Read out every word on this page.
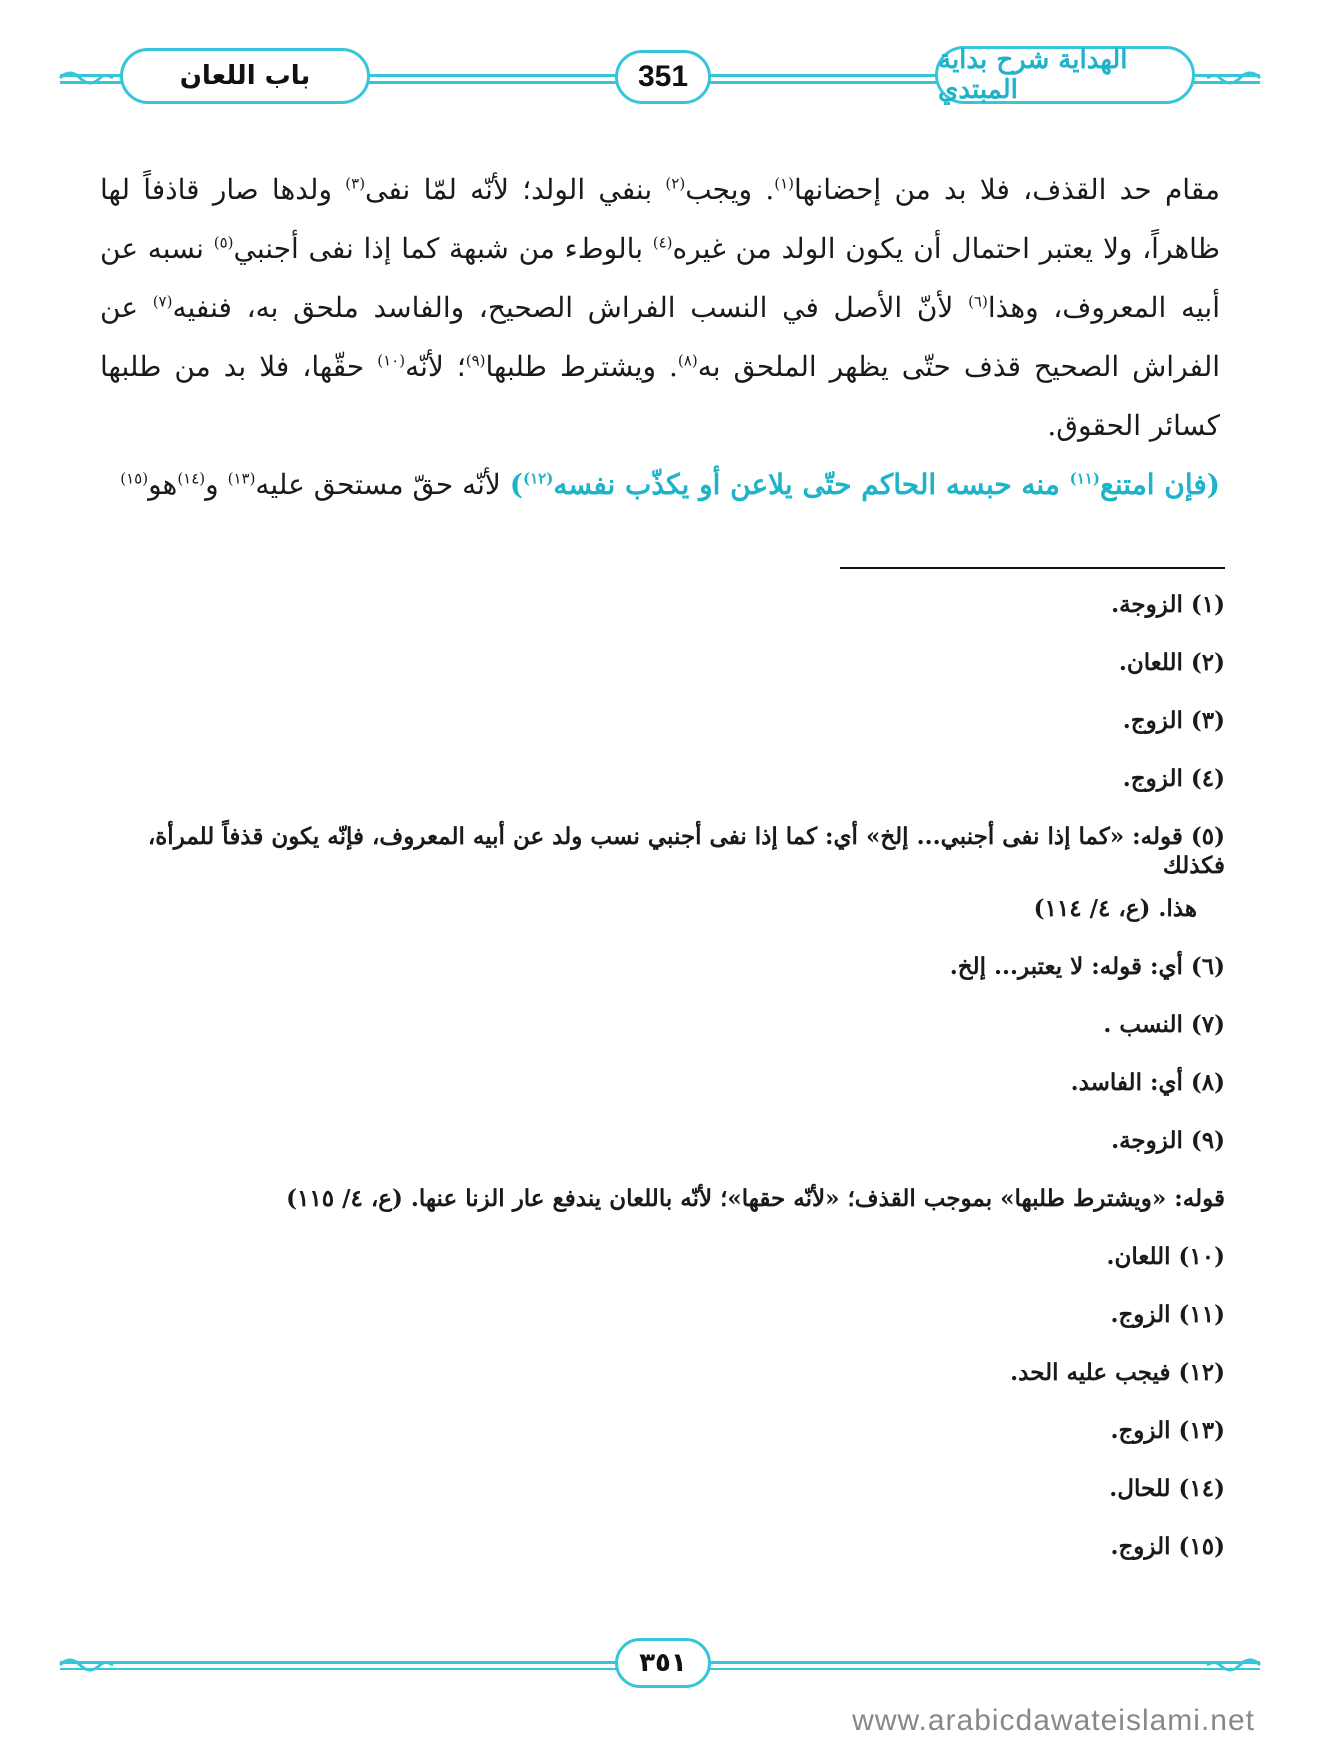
باب اللعان	351	الهداية شرح بداية المبتدي

مقام حد القذف، فلا بد من إحضانها$^{(١)}$. ويجب$^{(٢)}$ بنفي الولد؛ لأنّه لمّا نفى$^{(٣)}$ ولدها صار قاذفاً لها ظاهراً، ولا يعتبر احتمال أن يكون الولد من غيره$^{(٤)}$ بالوطء من شبهة كما إذا نفى أجنبي$^{(٥)}$ نسبه عن أبيه المعروف، وهذا$^{(٦)}$ لأنّ الأصل في النسب الفراش الصحيح، والفاسد ملحق به، فنفيه$^{(٧)}$ عن الفراش الصحيح قذف حتّى يظهر الملحق به$^{(٨)}$. ويشترط طلبها$^{(٩)}$؛ لأنّه$^{(١٠)}$ حقّها، فلا بد من طلبها كسائر الحقوق.

(فإن امتنع$^{(١١)}$ منه حبسه الحاكم حتّى يلاعن أو يكذّب نفسه$^{(١٢)}$) لأنّه حقّ مستحق عليه$^{(١٣)}$ و$^{(١٤)}$هو$^{(١٥)}$

(١) الزوجة.
(٢) اللعان.
(٣) الزوج.
(٤) الزوج.
(٥) قوله: «كما إذا نفى أجنبي... إلخ» أي: كما إذا نفى أجنبي نسب ولد عن أبيه المعروف، فإنّه يكون قذفاً للمرأة، فكذلك
هذا. (ع، ٤/ ١١٤)
(٦) أي: قوله: لا يعتبر... إلخ.
(٧) النسب .
(٨) أي: الفاسد.
(٩) الزوجة.
قوله: «ويشترط طلبها» بموجب القذف؛ «لأنّه حقها»؛ لأنّه باللعان يندفع عار الزنا عنها. (ع، ٤/ ١١٥)
(١٠) اللعان.
(١١) الزوج.
(١٢) فيجب عليه الحد.
(١٣) الزوج.
(١٤) للحال.
(١٥) الزوج.
٣٥١
www.arabicdawateislami.net
